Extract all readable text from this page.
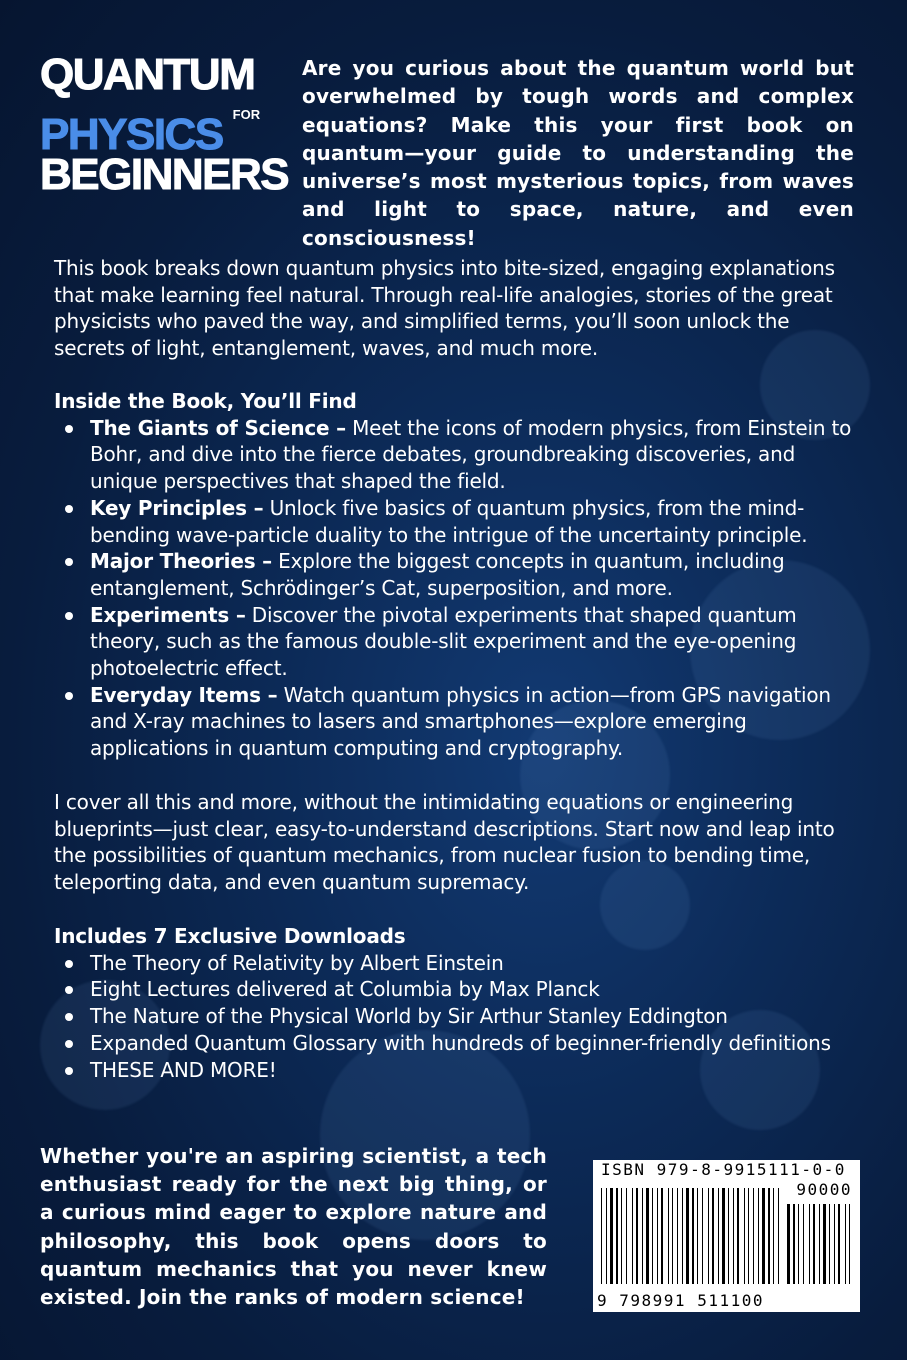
QUANTUM
PHYSICS FOR
BEGINNERS
Are you curious about the quantum world but overwhelmed by tough words and complex equations? Make this your first book on quantum—your guide to understanding the universe’s most mysterious topics, from waves and light to space, nature, and even consciousness!
This book breaks down quantum physics into bite-sized, engaging explanations that make learning feel natural. Through real-life analogies, stories of the great physicists who paved the way, and simplified terms, you’ll soon unlock the secrets of light, entanglement, waves, and much more.
Inside the Book, You’ll Find
The Giants of Science – Meet the icons of modern physics, from Einstein to Bohr, and dive into the fierce debates, groundbreaking discoveries, and unique perspectives that shaped the field.
Key Principles – Unlock five basics of quantum physics, from the mind-bending wave-particle duality to the intrigue of the uncertainty principle.
Major Theories – Explore the biggest concepts in quantum, including entanglement, Schrödinger’s Cat, superposition, and more.
Experiments – Discover the pivotal experiments that shaped quantum theory, such as the famous double-slit experiment and the eye-opening photoelectric effect.
Everyday Items – Watch quantum physics in action—from GPS navigation and X-ray machines to lasers and smartphones—explore emerging applications in quantum computing and cryptography.
I cover all this and more, without the intimidating equations or engineering blueprints—just clear, easy-to-understand descriptions. Start now and leap into the possibilities of quantum mechanics, from nuclear fusion to bending time, teleporting data, and even quantum supremacy.
Includes 7 Exclusive Downloads
The Theory of Relativity by Albert Einstein
Eight Lectures delivered at Columbia by Max Planck
The Nature of the Physical World by Sir Arthur Stanley Eddington
Expanded Quantum Glossary with hundreds of beginner-friendly definitions
THESE AND MORE!
Whether you're an aspiring scientist, a tech enthusiast ready for the next big thing, or a curious mind eager to explore nature and philosophy, this book opens doors to quantum mechanics that you never knew existed. Join the ranks of modern science!
ISBN 979-8-9915111-0-0
90000
9 798991 511100
